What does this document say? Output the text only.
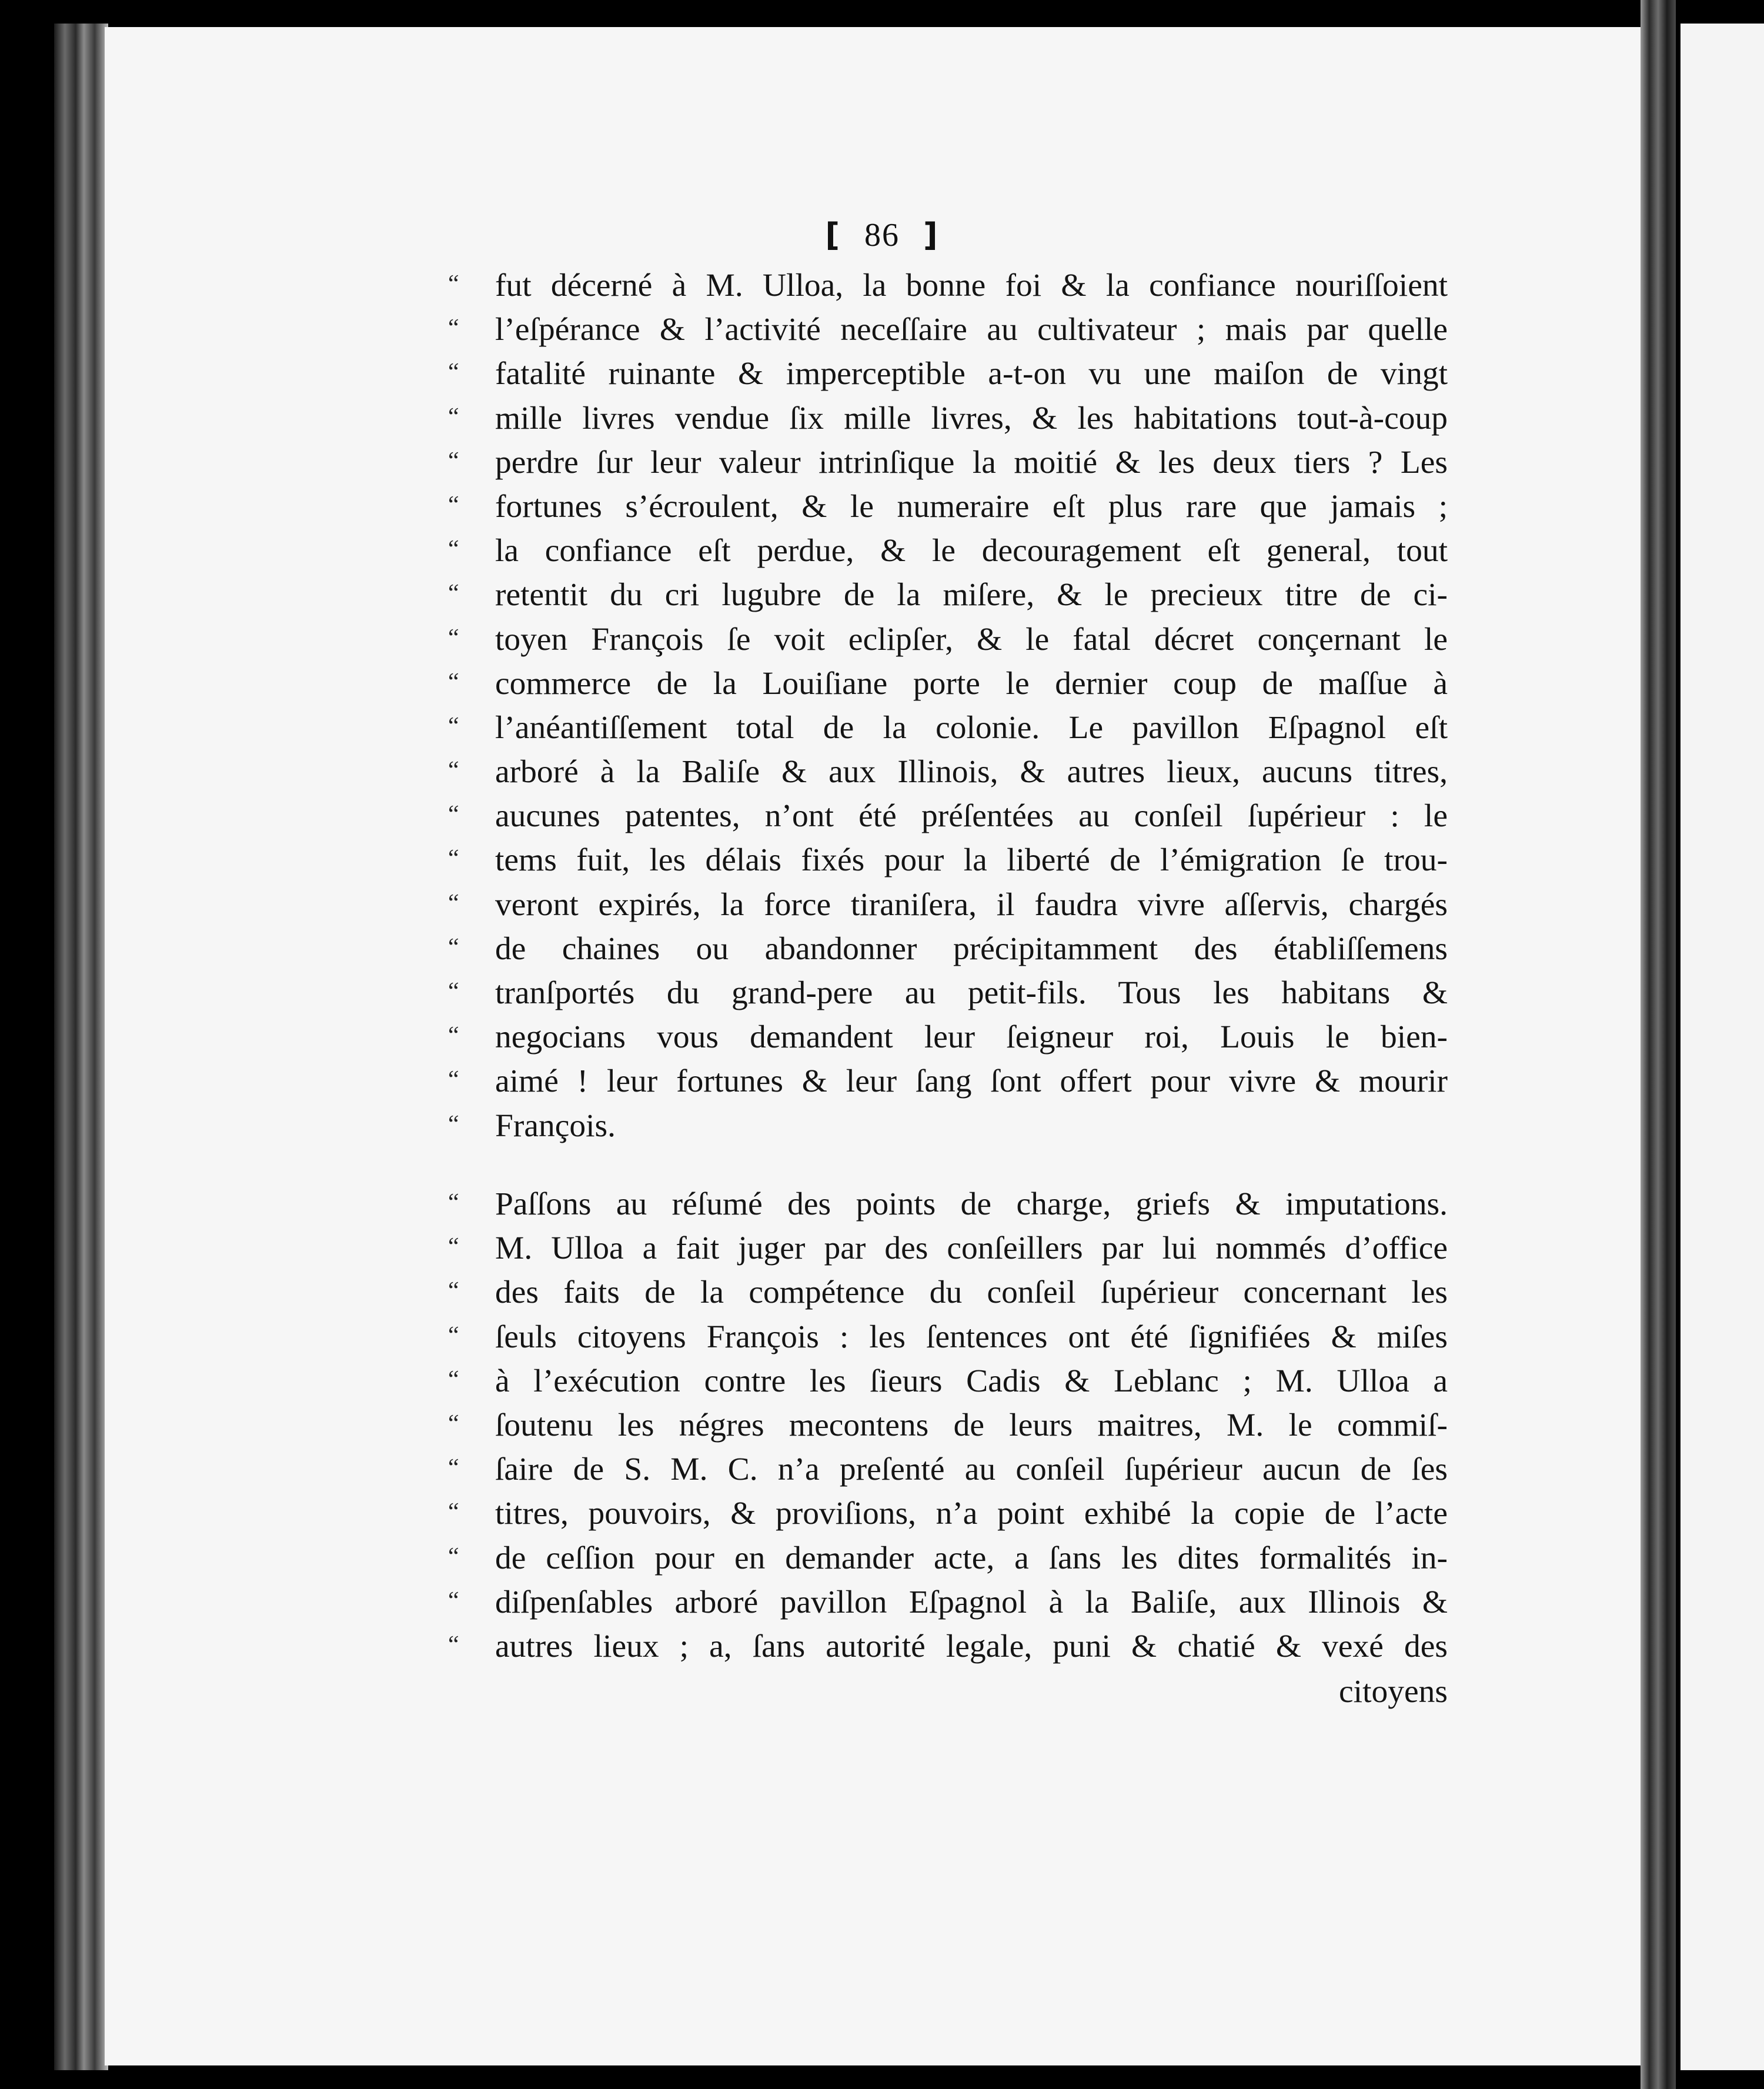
[ 86 ]
“ fut décerné à M. Ulloa, la bonne foi & la confiance nouriſſoient
“ l’eſpérance & l’activité neceſſaire au cultivateur ; mais par quelle
“ fatalité ruinante & imperceptible a-t-on vu une maiſon de vingt
“ mille livres vendue ſix mille livres, & les habitations tout-à-coup
“ perdre ſur leur valeur intrinſique la moitié & les deux tiers ? Les
“ fortunes s’écroulent, & le numeraire eſt plus rare que jamais ;
“ la confiance eſt perdue, & le decouragement eſt general, tout
“ retentit du cri lugubre de la miſere, & le precieux titre de ci-
“ toyen François ſe voit eclipſer, & le fatal décret conçernant le
“ commerce de la Louiſiane porte le dernier coup de maſſue à
“ l’anéantiſſement total de la colonie. Le pavillon Eſpagnol eſt
“ arboré à la Baliſe & aux Illinois, & autres lieux, aucuns titres,
“ aucunes patentes, n’ont été préſentées au conſeil ſupérieur : le
“ tems fuit, les délais fixés pour la liberté de l’émigration ſe trou-
“ veront expirés, la force tiraniſera, il faudra vivre aſſervis, chargés
“ de chaines ou abandonner précipitamment des établiſſemens
“ tranſportés du grand-pere au petit-fils. Tous les habitans &
“ negocians vous demandent leur ſeigneur roi, Louis le bien-
“ aimé ! leur fortunes & leur ſang ſont offert pour vivre & mourir
“ François.
“ Paſſons au réſumé des points de charge, griefs & imputations.
“ M. Ulloa a fait juger par des conſeillers par lui nommés d’office
“ des faits de la compétence du conſeil ſupérieur concernant les
“ ſeuls citoyens François : les ſentences ont été ſignifiées & miſes
“ à l’exécution contre les ſieurs Cadis & Leblanc ; M. Ulloa a
“ ſoutenu les négres mecontens de leurs maitres, M. le commiſ-
“ ſaire de S. M. C. n’a preſenté au conſeil ſupérieur aucun de ſes
“ titres, pouvoirs, & proviſions, n’a point exhibé la copie de l’acte
“ de ceſſion pour en demander acte, a ſans les dites formalités in-
“ diſpenſables arboré pavillon Eſpagnol à la Baliſe, aux Illinois &
“ autres lieux ; a, ſans autorité legale, puni & chatié & vexé des
citoyens
